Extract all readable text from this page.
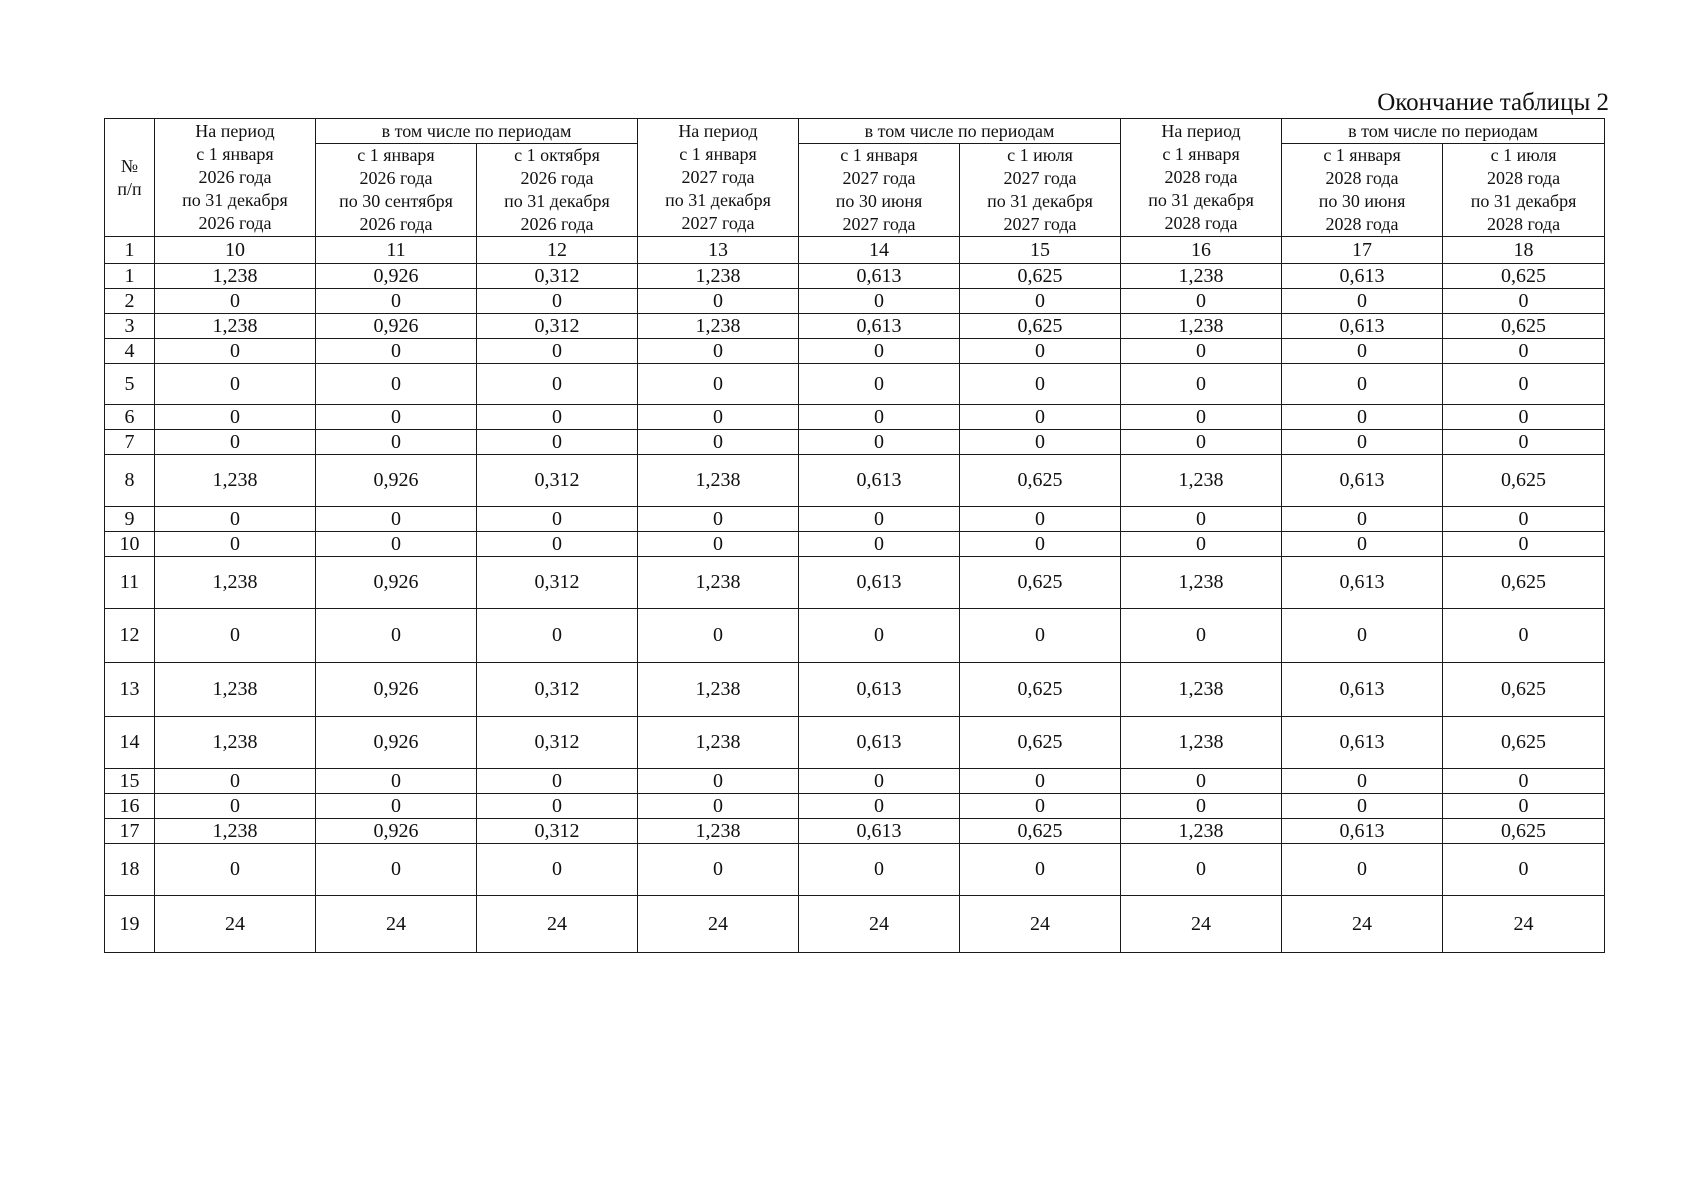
Окончание таблицы 2
№
п/п	На период
с 1 января
2026 года
по 31 декабря
2026 года	в том числе по периодам		На период
с 1 января
2027 года
по 31 декабря
2027 года	в том числе по периодам		На период
с 1 января
2028 года
по 31 декабря
2028 года	в том числе по периодам	
		с 1 января
2026 года
по 30 сентября
2026 года	с 1 октября
2026 года
по 31 декабря
2026 года		с 1 января
2027 года
по 30 июня
2027 года	с 1 июля
2027 года
по 31 декабря
2027 года		с 1 января
2028 года
по 30 июня
2028 года	с 1 июля
2028 года
по 31 декабря
2028 года
1	10	11	12	13	14	15	16	17	18
1	1,238	0,926	0,312	1,238	0,613	0,625	1,238	0,613	0,625
2	0	0	0	0	0	0	0	0	0
3	1,238	0,926	0,312	1,238	0,613	0,625	1,238	0,613	0,625
4	0	0	0	0	0	0	0	0	0
5	0	0	0	0	0	0	0	0	0
6	0	0	0	0	0	0	0	0	0
7	0	0	0	0	0	0	0	0	0
8	1,238	0,926	0,312	1,238	0,613	0,625	1,238	0,613	0,625
9	0	0	0	0	0	0	0	0	0
10	0	0	0	0	0	0	0	0	0
11	1,238	0,926	0,312	1,238	0,613	0,625	1,238	0,613	0,625
12	0	0	0	0	0	0	0	0	0
13	1,238	0,926	0,312	1,238	0,613	0,625	1,238	0,613	0,625
14	1,238	0,926	0,312	1,238	0,613	0,625	1,238	0,613	0,625
15	0	0	0	0	0	0	0	0	0
16	0	0	0	0	0	0	0	0	0
17	1,238	0,926	0,312	1,238	0,613	0,625	1,238	0,613	0,625
18	0	0	0	0	0	0	0	0	0
19	24	24	24	24	24	24	24	24	24
